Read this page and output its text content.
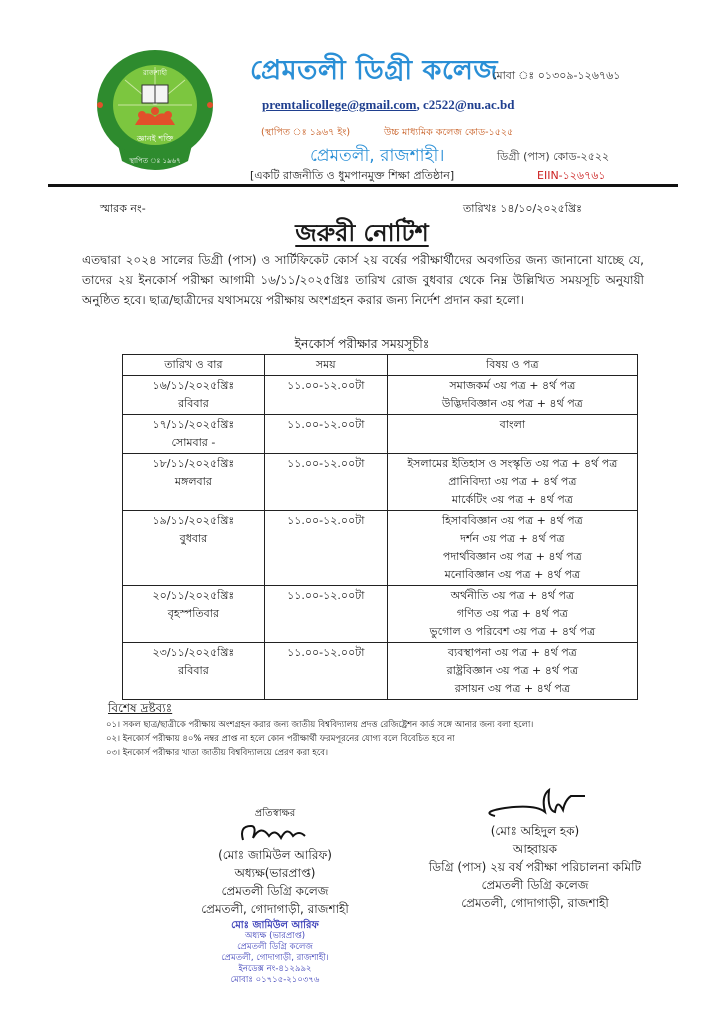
রাজশাহী
জ্ঞানই শক্তি
স্থাপিত ঃ ১৯৬৭
প্রেমতলী ডিগ্রী কলেজ
মোবা ঃ ০১৩০৯-১২৬৭৬১
premtalicollege@gmail.com, c2522@nu.ac.bd
(স্থাপিত ঃ ১৯৬৭ ইং)	উচ্চ মাধ্যমিক কলেজ কোড-১৫২৫
প্রেমতলী, রাজশাহী।	ডিগ্রী (পাস) কোড-২৫২২
[একটি রাজনীতি ও ধুমপানমুক্ত শিক্ষা প্রতিষ্ঠান]	EIIN-১২৬৭৬১
স্মারক নং-	তারিখঃ ১৪/১০/২০২৫খ্রিঃ
জরুরী নোটিশ
এতদ্বারা ২০২৪ সালের ডিগ্রী (পাস) ও সার্টিফিকেট কোর্স ২য় বর্ষের পরীক্ষার্থীদের অবগতির জন্য জানানো যাচ্ছে যে, তাদের ২য় ইনকোর্স পরীক্ষা আগামী ১৬/১১/২০২৫খ্রিঃ তারিখ রোজ বুধবার থেকে নিম্ন উল্লিখিত সময়সূচি অনুযায়ী অনুষ্ঠিত হবে। ছাত্র/ছাত্রীদের যথাসময়ে পরীক্ষায় অংশগ্রহন করার জন্য নির্দেশ প্রদান করা হলো।
ইনকোর্স পরীক্ষার সময়সূচীঃ
তারিখ ও বার	সময়	বিষয় ও পত্র

১৬/১১/২০২৫খ্রিঃ
রবিবার
	১১.০০-১২.০০টা	সমাজকর্ম ৩য় পত্র + ৪র্থ পত্র
উদ্ভিদবিজ্ঞান ৩য় পত্র + ৪র্থ পত্র

১৭/১১/২০২৫খ্রিঃ
সোমবার -	১১.০০-১২.০০টা	বাংলা

১৮/১১/২০২৫খ্রিঃ
মঙ্গলবার
	১১.০০-১২.০০টা	ইসলামের ইতিহাস ও সংস্কৃতি ৩য় পত্র + ৪র্থ পত্র
প্রানিবিদ্যা ৩য় পত্র + ৪র্থ পত্র
মার্কেটিং ৩য় পত্র + ৪র্থ পত্র

১৯/১১/২০২৫খ্রিঃ
বুধবার
	১১.০০-১২.০০টা	হিসাববিজ্ঞান ৩য় পত্র + ৪র্থ পত্র
দর্শন ৩য় পত্র + ৪র্থ পত্র
পদার্থবিজ্ঞান ৩য় পত্র + ৪র্থ পত্র
মনোবিজ্ঞান ৩য় পত্র + ৪র্থ পত্র

২০/১১/২০২৫খ্রিঃ
বৃহস্পতিবার
	১১.০০-১২.০০টা	অর্থনীতি ৩য় পত্র + ৪র্থ পত্র
গণিত ৩য় পত্র + ৪র্থ পত্র
ভুগোল ও পরিবেশ ৩য় পত্র + ৪র্থ পত্র

২৩/১১/২০২৫খ্রিঃ
রবিবার
	১১.০০-১২.০০টা	ব্যবস্থাপনা ৩য় পত্র + ৪র্থ পত্র
রাষ্ট্রবিজ্ঞান ৩য় পত্র + ৪র্থ পত্র
রসায়ন ৩য় পত্র + ৪র্থ পত্র
বিশেষ দ্রষ্টব্যঃ
০১। সকল ছাত্র/ছাত্রীকে পরীক্ষায় অংশগ্রহন করার জন্য জাতীয় বিশ্ববিদ্যালয় প্রদত্ত রেজিষ্ট্রেশন কার্ড সঙ্গে আনার জন্য বলা হলো।
০২। ইনকোর্স পরীক্ষায় ৪০% নম্বর প্রাপ্ত না হলে কোন পরীক্ষার্থী ফরমপূরনের যোগ্য বলে বিবেচিত হবে না
০৩। ইনকোর্স পরীক্ষার খাতা জাতীয় বিশ্ববিদ্যালয়ে প্রেরণ করা হবে।
প্রতিস্বাক্ষর
(মোঃ জামিউল আরিফ)
অধ্যক্ষ(ভারপ্রাপ্ত)
প্রেমতলী ডিগ্রি কলেজ
প্রেমতলী, গোদাগাড়ী, রাজশাহী
মোঃ জামিউল আরিফ
অধ্যক্ষ (ভারপ্রাপ্ত)
প্রেমতলী ডিগ্রি কলেজ
প্রেমতলী, গোদাগাড়ী, রাজশাহী।
ইনডেক্স নং-৪১২৯৯২
মোবাঃ ০১৭১৫-২১০৩৭৬
(মোঃ অহিদুল হক)
আহ্বায়ক
ডিগ্রি (পাস) ২য় বর্ষ পরীক্ষা পরিচালনা কমিটি
প্রেমতলী ডিগ্রি কলেজ
প্রেমতলী, গোদাগাড়ী, রাজশাহী
